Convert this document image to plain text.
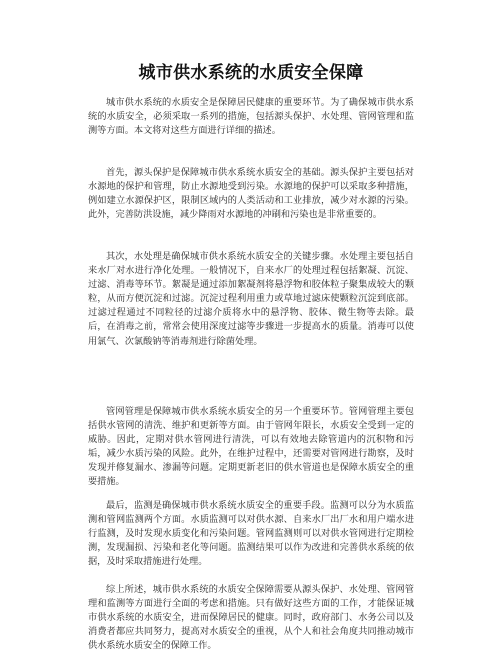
城市供水系统的水质安全保障

城市供水系统的水质安全是保障居民健康的重要环节。为了确保城市供水系统的水质安全，必须采取一系列的措施，包括源头保护、水处理、管网管理和监测等方面。本文将对这些方面进行详细的描述。

首先，源头保护是保障城市供水系统水质安全的基础。源头保护主要包括对水源地的保护和管理，防止水源地受到污染。水源地的保护可以采取多种措施，例如建立水源保护区，限制区域内的人类活动和工业排放，减少对水源的污染。此外，完善防洪设施，减少降雨对水源地的冲刷和污染也是非常重要的。

其次，水处理是确保城市供水系统水质安全的关键步骤。水处理主要包括自来水厂对水进行净化处理。一般情况下，自来水厂的处理过程包括絮凝、沉淀、过滤、消毒等环节。絮凝是通过添加絮凝剂将悬浮物和胶体粒子聚集成较大的颗粒，从而方便沉淀和过滤。沉淀过程利用重力或草地过滤床使颗粒沉淀到底部。过滤过程通过不同粒径的过滤介质将水中的悬浮物、胶体、微生物等去除。最后，在消毒之前，常常会使用深度过滤等步骤进一步提高水的质量。消毒可以使用氯气、次氯酸钠等消毒剂进行除菌处理。

管网管理是保障城市供水系统水质安全的另一个重要环节。管网管理主要包括供水管网的清洗、维护和更新等方面。由于管网年限长，水质安全受到一定的威胁。因此，定期对供水管网进行清洗，可以有效地去除管道内的沉积物和污垢，减少水质污染的风险。此外，在维护过程中，还需要对管网进行勘察，及时发现并修复漏水、渗漏等问题。定期更新老旧的供水管道也是保障水质安全的重要措施。

最后，监测是确保城市供水系统水质安全的重要手段。监测可以分为水质监测和管网监测两个方面。水质监测可以对供水源、自来水厂出厂水和用户端水进行监测，及时发现水质变化和污染问题。管网监测则可以对供水管网进行定期检测，发现漏损、污染和老化等问题。监测结果可以作为改进和完善供水系统的依据，及时采取措施进行处理。

综上所述，城市供水系统的水质安全保障需要从源头保护、水处理、管网管理和监测等方面进行全面的考虑和措施。只有做好这些方面的工作，才能保证城市供水系统的水质安全，进而保障居民的健康。同时，政府部门、水务公司以及消费者都应共同努力，提高对水质安全的重视，从个人和社会角度共同推动城市供水系统水质安全的保障工作。
